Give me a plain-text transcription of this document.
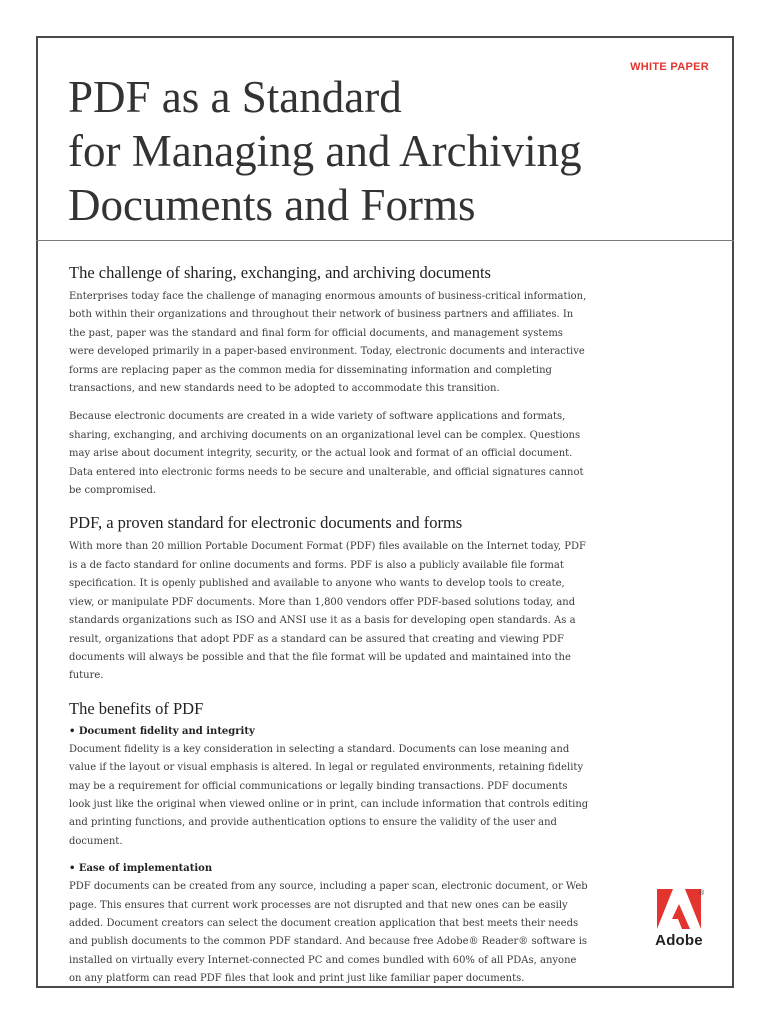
WHITE PAPER
PDF as a Standard
for Managing and Archiving
Documents and Forms
The challenge of sharing, exchanging, and archiving documents

Enterprises today face the challenge of managing enormous amounts of business-critical information, both within their organizations and throughout their network of business partners and affiliates. In the past, paper was the standard and final form for official documents, and management systems were developed primarily in a paper-based environment. Today, electronic documents and interactive forms are replacing paper as the common media for disseminating information and completing transactions, and new standards need to be adopted to accommodate this transition.

Because electronic documents are created in a wide variety of software applications and formats, sharing, exchanging, and archiving documents on an organizational level can be complex. Questions may arise about document integrity, security, or the actual look and format of an official document. Data entered into electronic forms needs to be secure and unalterable, and official signatures cannot be compromised.

PDF, a proven standard for electronic documents and forms

With more than 20 million Portable Document Format (PDF) files available on the Internet today, PDF is a de facto standard for online documents and forms. PDF is also a publicly available file format specification. It is openly published and available to anyone who wants to develop tools to create, view, or manipulate PDF documents. More than 1,800 vendors offer PDF-based solutions today, and standards organizations such as ISO and ANSI use it as a basis for developing open standards. As a result, organizations that adopt PDF as a standard can be assured that creating and viewing PDF documents will always be possible and that the file format will be updated and maintained into the future.

The benefits of PDF
• Document fidelity and integrity

Document fidelity is a key consideration in selecting a standard. Documents can lose meaning and value if the layout or visual emphasis is altered. In legal or regulated environments, retaining fidelity may be a requirement for official communications or legally binding transactions. PDF documents look just like the original when viewed online or in print, can include information that controls editing and printing functions, and provide authentication options to ensure the validity of the user and document.

• Ease of implementation

PDF documents can be created from any source, including a paper scan, electronic document, or Web page. This ensures that current work processes are not disrupted and that new ones can be easily added. Document creators can select the document creation application that best meets their needs and publish documents to the common PDF standard. And because free Adobe® Reader® software is installed on virtually every Internet-connected PC and comes bundled with 60% of all PDAs, anyone on any platform can read PDF files that look and print just like familiar paper documents.

Adobe
®
